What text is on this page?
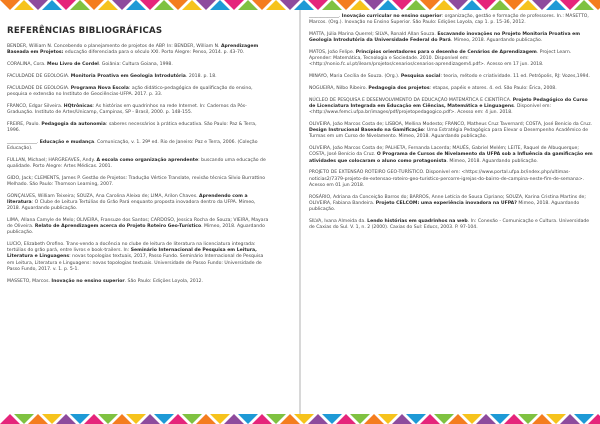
REFERÊNCIAS BIBLIOGRÁFICAS

BENDER, William N. Concebendo o planejamento de projetos de ABP. In: BENDER, William N. Aprendizagem Baseada em Projetos: educação diferenciada para o século XXI. Porto Alegre: Penso, 2014. p. 43-70.

CORALINA, Cora. Meu Livro de Cordel. Goiânia: Cultura Goiana, 1998.

FACULDADE DE GEOLOGIA. Monitoria Proativa em Geologia Introdutória. 2018. p. 18.

FACULDADE DE GEOLOGIA. Programa Nova Escola: ação didático-pedagógica de qualificação do ensino, pesquisa e extensão no Instituto de Geociências-UFPA. 2017. p. 33.

FRANCO, Edgar Silveira. HQtrônicas: As histórias em quadrinhos na rede Internet. In: Cadernos da Pós-Graduação. Instituto de Artes/Unicamp, Campinas, SP - Brasil, 2000. p. 148-155.

FREIRE, Paulo. Pedagogia da autonomia: saberes necessários à prática educativa. São Paulo: Paz & Terra, 1996.

_____________. Educação e mudança. Comunicação, v. 1. 29ª ed. Rio de Janeiro: Paz e Terra, 2006. (Coleção Educação).

FULLAN, Michael; HARGREAVES, Andy. A escola como organização aprendente: buscando uma educação de qualidade. Porto Alegre: Artes Médicas. 2001.

GIDO, Jack; CLEMENTS, James P. Gestão de Projetos: Tradução Vértice Translate, revisão técnica Silvio Burrattino Melhado. São Paulo: Thomson Learning, 2007.

GONÇALVES, William Teixeira; SOUZA, Ana Carolina Aleixo de; LIMA, Arilon Chaves. Aprendendo com a literatura: O Clube de Leitura Tertúlias do Grão Pará enquanto proposta inovadora dentro da UFPA. Mimeo, 2018. Aguardando publicação.

LIMA, Allana Camyle de Melo; OLIVEIRA, Fransuze dos Santos; CARDOSO, Jessica Rocha de Souza; VIEIRA, Mayara de Oliveira. Relato de Aprendizagem acerca do Projeto Roteiro Geo-Turístico. Mimeo, 2018. Aguardando publicação.

LUCIO, Elizabeth Orofino. Trans-vendo a docência no clube de leitura de literatura na licenciatura integrada: tertúlias do grão pará, entre livros e book-trailers. In: Seminário Internacional de Pesquisa em Leitura, Literatura e Linguagens: novas topologias textuais, 2017, Passo Fundo. Seminário Internacional de Pesquisa em Leitura, Literatura e Linguagens: novas topologias textuais. Universidade de Passo Fundo: Universidade de Passo Fundo, 2017. v. 1. p. 5-1.

MASSETO, Marcos. Inovação no ensino superior. São Paulo: Edições Loyola, 2012.

_____________. Inovação curricular no ensino superior: organização, gestão e formação de professores. In.: MASETTO, Marcos. (Org.). Inovação no Ensino Superior. São Paulo: Edições Loyola, cap 1. p. 15-36, 2012.

MATTA, Júlia Marina Querrel; SILVA, Ronald Allan Souza. Escavando inovações no Projeto Monitoria Proativa em Geologia Introdutória da Universidade Federal do Pará. Mimeo, 2018. Aguardando publicação.

MATOS, João Felipe. Princípios orientadores para o desenho de Cenários de Aprendizagem. Project Learn. Aprender: Matemática, Tecnologia e Sociedade. 2010. Disponível em: <http://nonio.fc.ul.pt/ilearn/projetos/cenarios/cenarios-aprendizagem4.pdf>. Acesso em 17 jun. 2018.

MINAYO, Maria Cecília de Souza. (Org.). Pesquisa social: teoria, método e criatividade. 11 ed. Petrópolis, RJ: Vozes,1994.

NOGUEIRA, Nilbo Ribeiro. Pedagogia dos projetos: etapas, papéis e atores. 4. ed. São Paulo: Érica, 2008.

NÚCLEO DE PESQUISA E DESENVOLVIMENTO DA EDUCAÇÃO MATEMÁTICA E CIENTÍFICA. Projeto Pedagógico do Curso de Licenciatura Integrada em Educação em Ciências, Matemática e Linguagens. Disponível em: <http://www.femci.ufpa.br/images/pdf/projetopedagogico.pdf>. Acesso em: 4 jun. 2018.

OLIVEIRA, João Marcos Costa de; LISBOA, Mellina Modesto; FRANCO, Matheus Cruz Tavernard; COSTA, José Benício da Cruz. Design Instrucional Baseado na Gamificação: Uma Estratégia Pedagógica para Elevar o Desempenho Acadêmico de Turmas em um Curso de Nivelamento. Mimeo, 2018. Aguardando publicação.

OLIVEIRA, João Marcos Costa de; PALHETA, Fernanda Lacerda; MAUÉS, Gabriel Melém; LEITE, Raquel de Albuquerque; COSTA, José Benício da Cruz. O Programa de Cursos de Nivelamento da UFPA sob a Influência da gamificação em atividades que colocaram o aluno como protagonista. Mimeo, 2018. Aguardando publicação.

PROJETO DE EXTENSÃO ROTEIRO GEO-TURÍSTICO. Disponível em: <https://www.portal.ufpa.br/index.php/ultimas-noticias2/7379-projeto-de-extensao-roteiro-geo-turistico-percorre-igrejas-do-bairro-de-campina-neste-fim-de-semana>. Acesso em 01 jun 2018.

ROSÁRIO, Adriana da Conceição Barros do; BARROS, Anne Letícia de Sousa Cipriano; SOUZA, Karina Cristina Martins de; OLIVEIRA, Fabiana Bandeira. Projeto CELCOM: uma experiência inovadora na UFPA? Mimeo, 2018. Aguardando publicação.

SILVA, Ivana Almeida da. Lendo histórias em quadrinhos na web. In: Conexão - Comunicação e Cultura. Universidade de Caxias do Sul. V. 1, n. 2 (2000). Caxias do Sul: Educs, 2003. P. 97-104.
